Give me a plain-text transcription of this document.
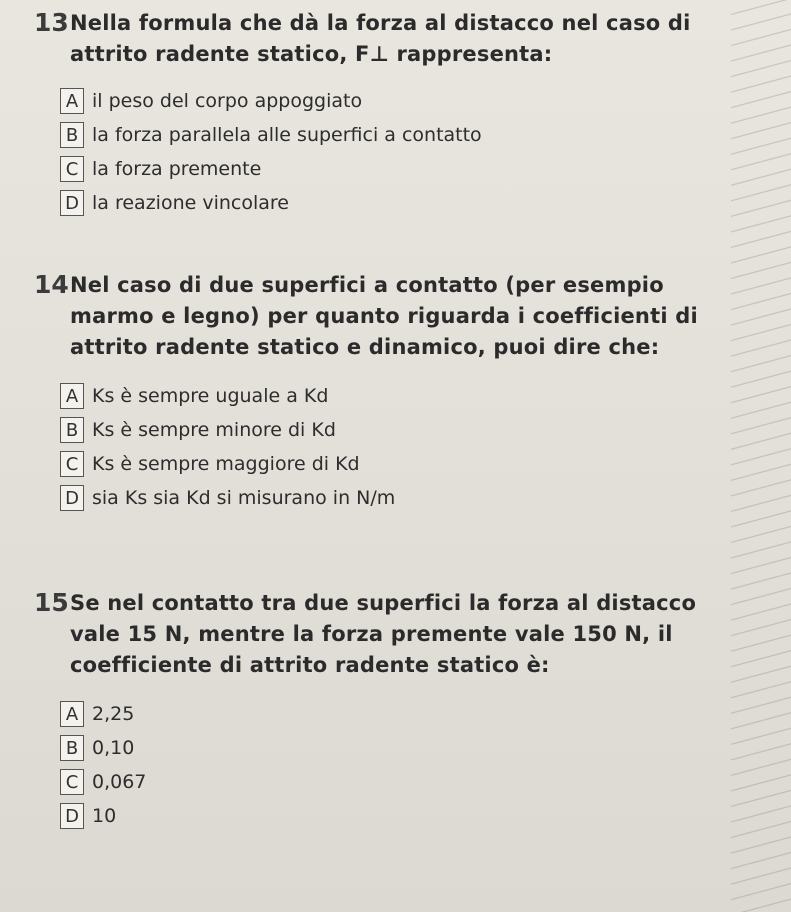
13 Nella formula che dà la forza al distacco nel caso di attrito radente statico, F⊥ rappresenta:
A il peso del corpo appoggiato
B la forza parallela alle superfici a contatto
C la forza premente
D la reazione vincolare
14 Nel caso di due superfici a contatto (per esempio marmo e legno) per quanto riguarda i coefficienti di attrito radente statico e dinamico, puoi dire che:
A Ks è sempre uguale a Kd
B Ks è sempre minore di Kd
C Ks è sempre maggiore di Kd
D sia Ks sia Kd si misurano in N/m
15 Se nel contatto tra due superfici la forza al distacco vale 15 N, mentre la forza premente vale 150 N, il coefficiente di attrito radente statico è:
A 2,25
B 0,10
C 0,067
D 10
